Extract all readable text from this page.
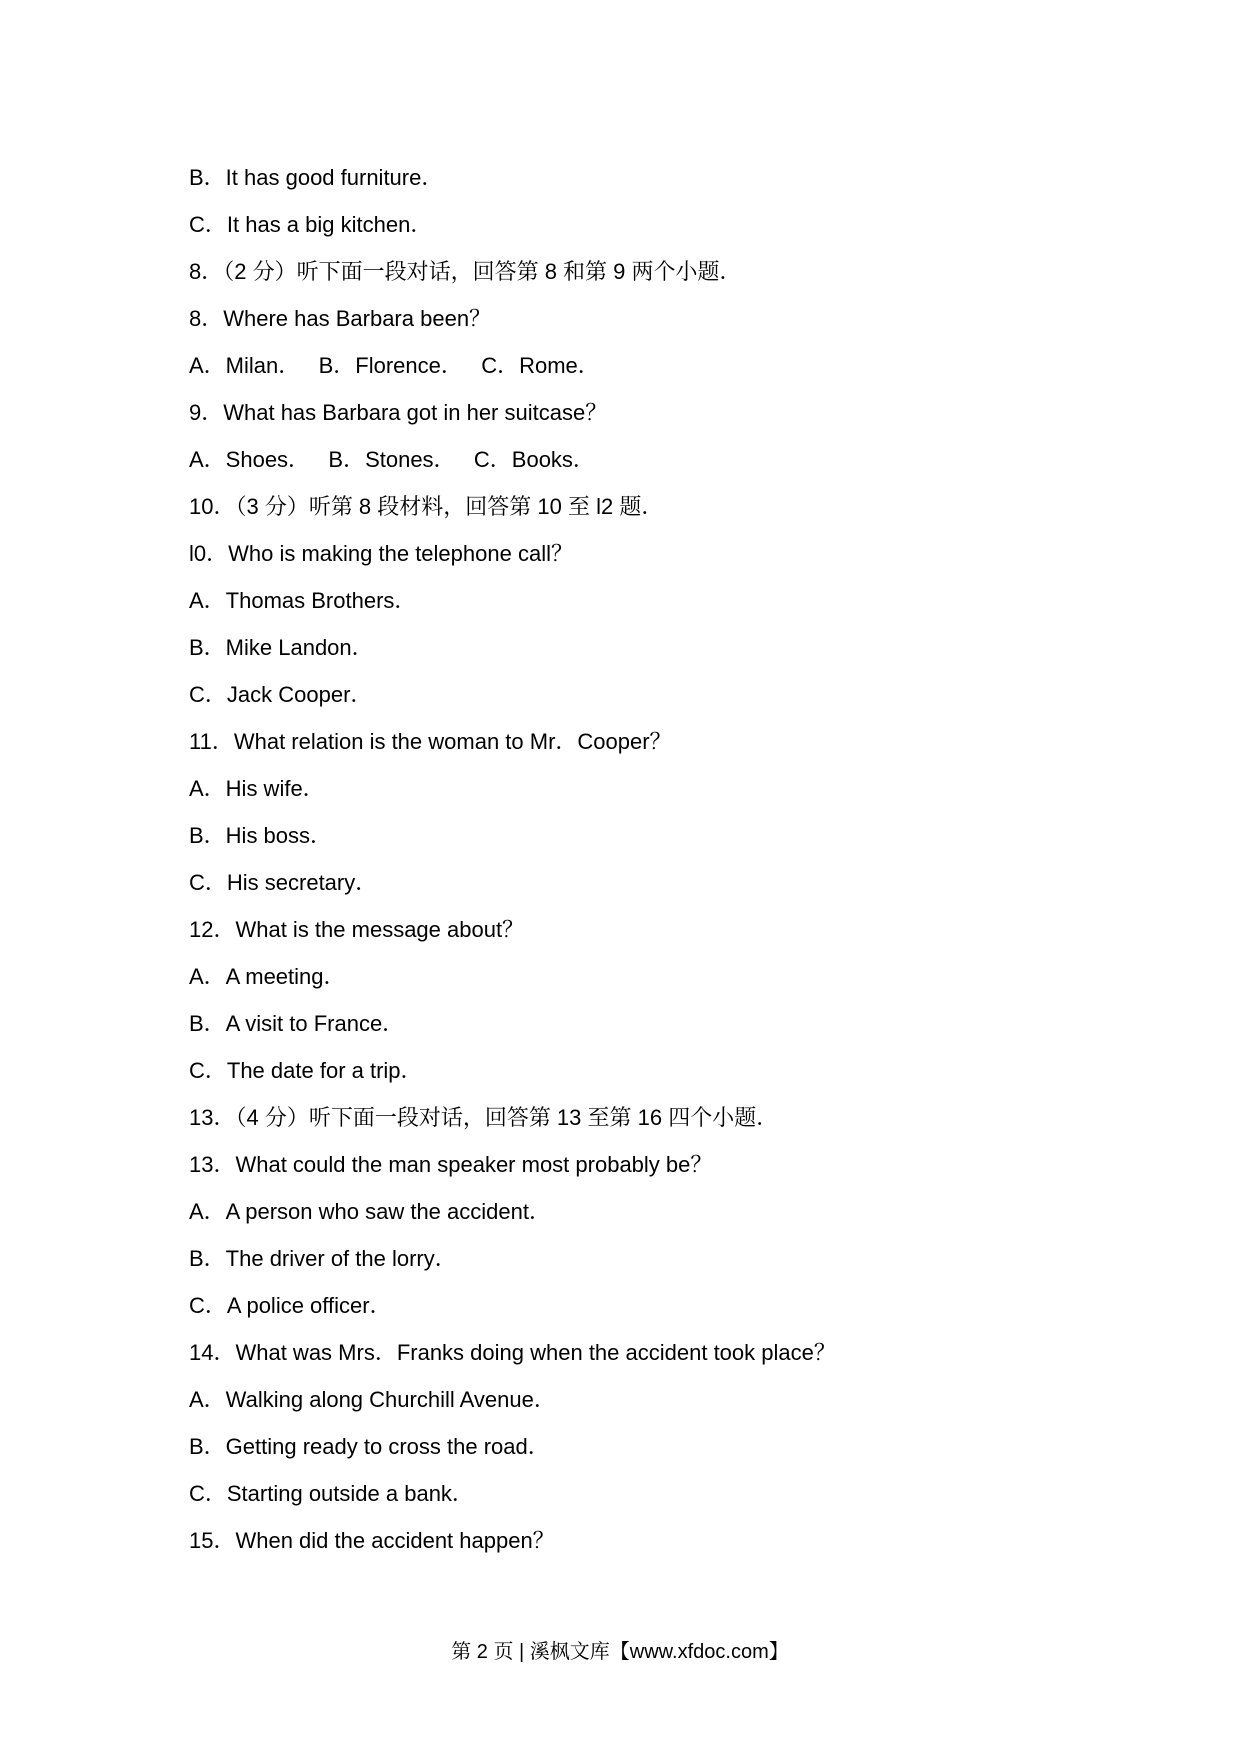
B．It has good furniture．
C．It has a big kitchen．
8．（2 分）听下面一段对话，回答第 8 和第 9 两个小题．
8．Where has Barbara been？
A．Milan．   B．Florence．   C．Rome．
9．What has Barbara got in her suitcase？
A．Shoes．   B．Stones．   C．Books．
10．（3 分）听第 8 段材料，回答第 10 至 l2 题．
l0．Who is making the telephone call？
A．Thomas Brothers．
B．Mike Landon．
C．Jack Cooper．
11．What relation is the woman to Mr．Cooper？
A．His wife．
B．His boss．
C．His secretary．
12．What is the message about？
A．A meeting．
B．A visit to France．
C．The date for a trip．
13．（4 分）听下面一段对话，回答第 13 至第 16 四个小题．
13．What could the man speaker most probably be？
A．A person who saw the accident．
B．The driver of the lorry．
C．A police officer．
14．What was Mrs．Franks doing when the accident took place？
A．Walking along Churchill Avenue．
B．Getting ready to cross the road．
C．Starting outside a bank．
15．When did the accident happen？
第 2 页 | 溪枫文库【www.xfdoc.com】
